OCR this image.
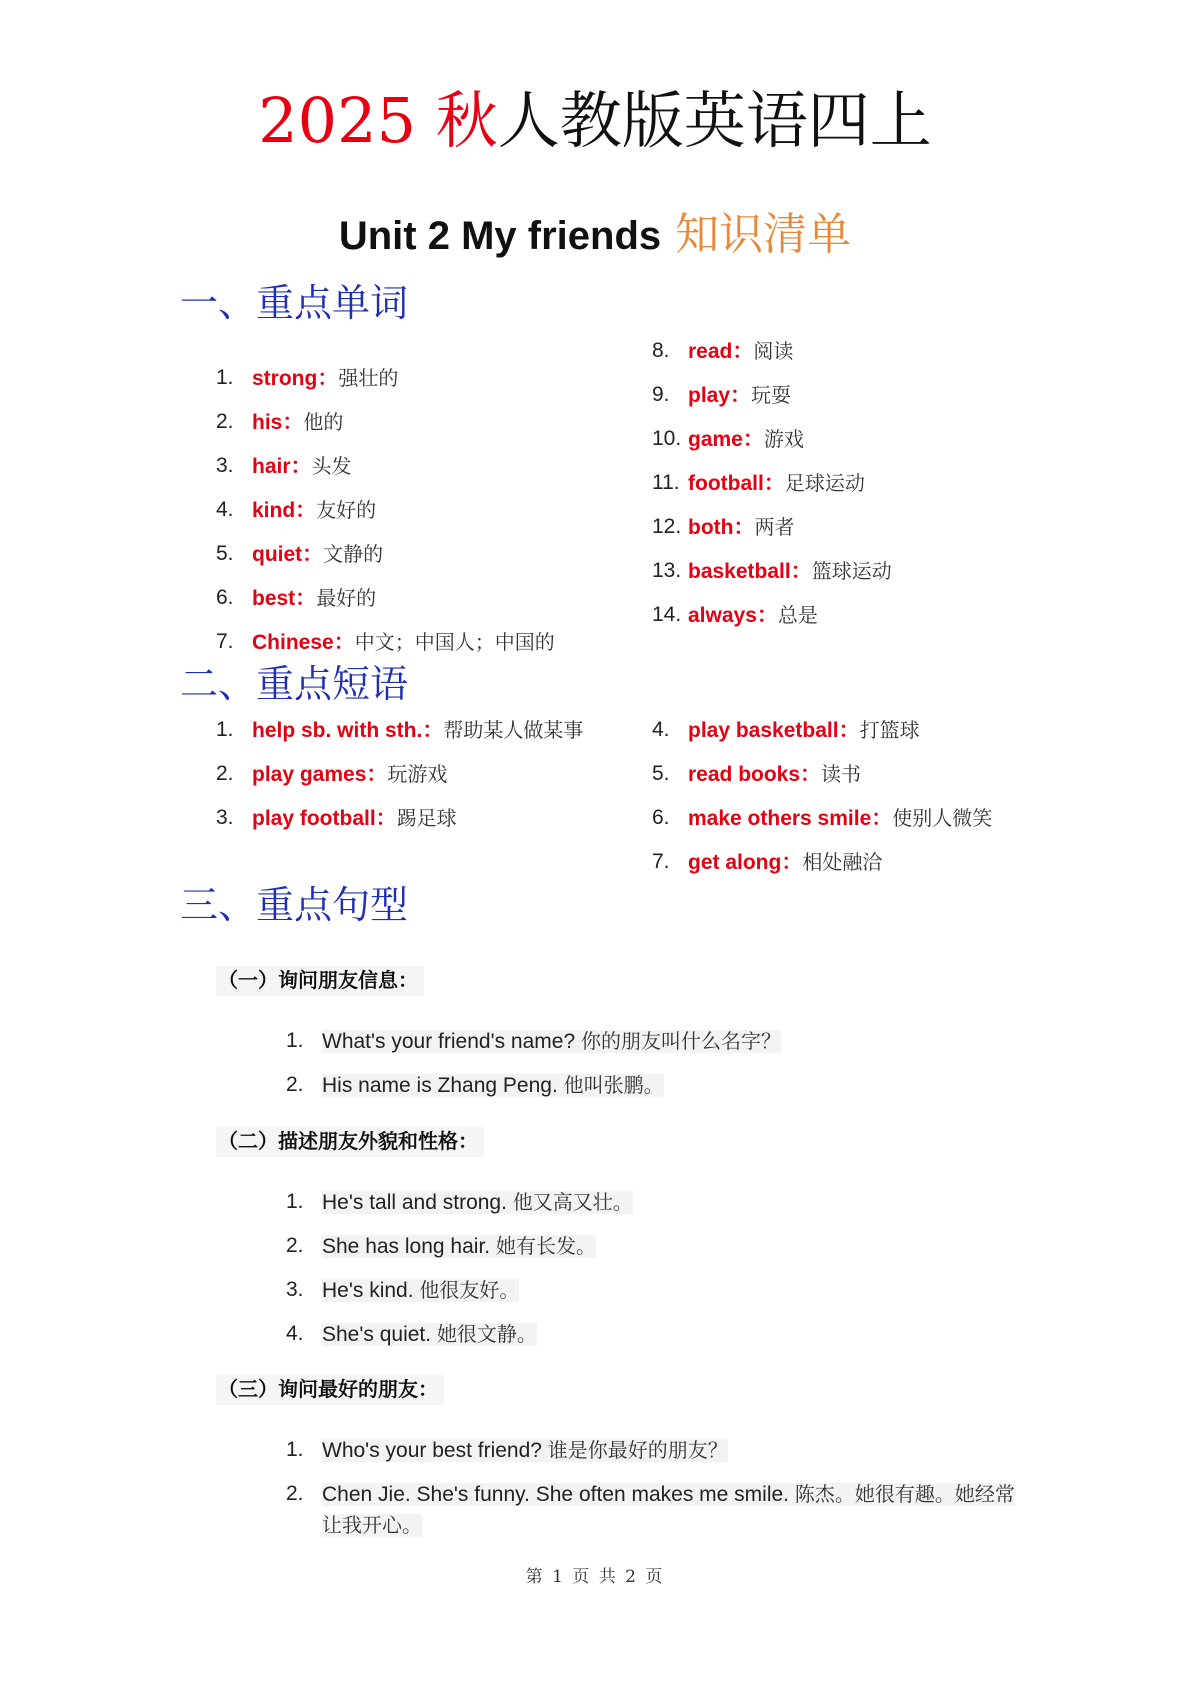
2025 秋人教版英语四上
Unit 2 My friends 知识清单
一、重点单词
1. strong：强壮的
2. his：他的
3. hair：头发
4. kind：友好的
5. quiet：文静的
6. best：最好的
7. Chinese：中文；中国人；中国的
8. read：阅读
9. play：玩耍
10. game：游戏
11. football：足球运动
12. both：两者
13. basketball：篮球运动
14. always：总是
二、重点短语
1. help sb. with sth.：帮助某人做某事
2. play games：玩游戏
3. play football：踢足球
4. play basketball：打篮球
5. read books：读书
6. make others smile：使别人微笑
7. get along：相处融洽
三、重点句型
（一）询问朋友信息：
1. What's your friend's name? 你的朋友叫什么名字？
2. His name is Zhang Peng. 他叫张鹏。
（二）描述朋友外貌和性格：
1. He's tall and strong. 他又高又壮。
2. She has long hair. 她有长发。
3. He's kind. 他很友好。
4. She's quiet. 她很文静。
（三）询问最好的朋友：
1. Who's your best friend? 谁是你最好的朋友？
2. Chen Jie. She's funny. She often makes me smile. 陈杰。她很有趣。她经常让我开心。
第 1 页 共 2 页
